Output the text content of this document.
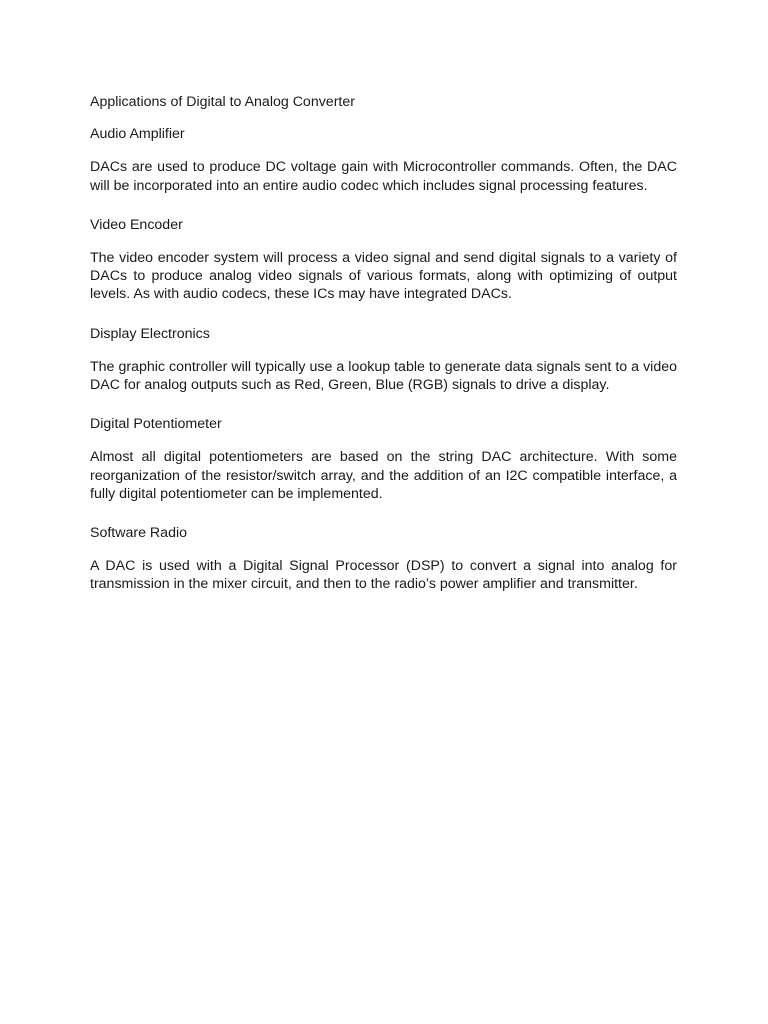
Applications of Digital to Analog Converter

Audio Amplifier

DACs are used to produce DC voltage gain with Microcontroller commands. Often, the DAC will be incorporated into an entire audio codec which includes signal processing features.

Video Encoder

The video encoder system will process a video signal and send digital signals to a variety of DACs to produce analog video signals of various formats, along with optimizing of output levels. As with audio codecs, these ICs may have integrated DACs.

Display Electronics

The graphic controller will typically use a lookup table to generate data signals sent to a video DAC for analog outputs such as Red, Green, Blue (RGB) signals to drive a display.

Digital Potentiometer

Almost all digital potentiometers are based on the string DAC architecture. With some reorganization of the resistor/switch array, and the addition of an I2C compatible interface, a fully digital potentiometer can be implemented.

Software Radio

A DAC is used with a Digital Signal Processor (DSP) to convert a signal into analog for transmission in the mixer circuit, and then to the radio’s power amplifier and transmitter.
